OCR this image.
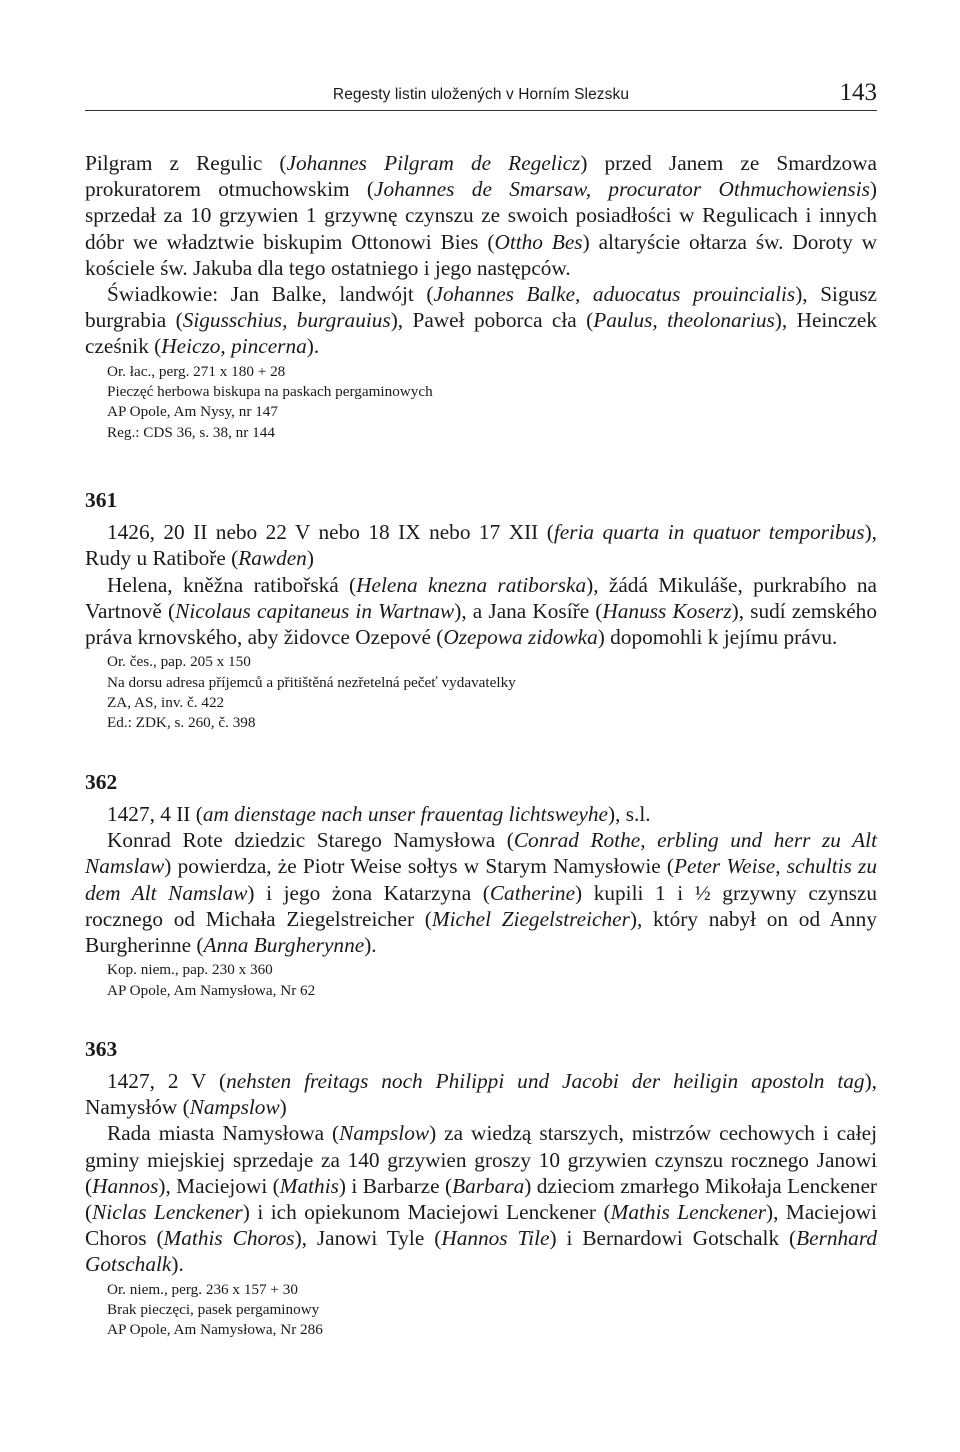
Regesty listin uložených v Horním Slezsku	143

Pilgram z Regulic (Johannes Pilgram de Regelicz) przed Janem ze Smardzowa prokuratorem otmuchowskim (Johannes de Smarsaw, procurator Othmuchowiensis) sprzedał za 10 grzywien 1 grzywnę czynszu ze swoich posiadłości w Regulicach i innych dóbr we władztwie biskupim Ottonowi Bies (Ottho Bes) altaryście ołtarza św. Doroty w kościele św. Jakuba dla tego ostatniego i jego następców.

Świadkowie: Jan Balke, landwójt (Johannes Balke, aduocatus prouincialis), Sigusz burgrabia (Sigusschius, burgrauius), Paweł poborca cła (Paulus, theolonarius), Heinczek cześnik (Heiczo, pincerna).

Or. łac., perg. 271 x 180 + 28
Pieczęć herbowa biskupa na paskach pergaminowych
AP Opole, Am Nysy, nr 147
Reg.: CDS 36, s. 38, nr 144

361

1426, 20 II nebo 22 V nebo 18 IX nebo 17 XII (feria quarta in quatuor temporibus), Rudy u Ratiboře (Rawden)

Helena, kněžna ratibořská (Helena knezna ratiborska), žádá Mikuláše, purkrabího na Vartnově (Nicolaus capitaneus in Wartnaw), a Jana Kosíře (Hanuss Koserz), sudí zemského práva krnovského, aby židovce Ozepové (Ozepowa zidowka) dopomohli k jejímu právu.

Or. čes., pap. 205 x 150
Na dorsu adresa příjemců a přitištěná nezřetelná pečeť vydavatelky
ZA, AS, inv. č. 422
Ed.: ZDK, s. 260, č. 398

362

1427, 4 II (am dienstage nach unser frauentag lichtsweyhe), s.l.

Konrad Rote dziedzic Starego Namysłowa (Conrad Rothe, erbling und herr zu Alt Namslaw) powierdza, że Piotr Weise sołtys w Starym Namysłowie (Peter Weise, schultis zu dem Alt Namslaw) i jego żona Katarzyna (Catherine) kupili 1 i ½ grzywny czynszu rocznego od Michała Ziegelstreicher (Michel Ziegelstreicher), który nabył on od Anny Burgherinne (Anna Burgherynne).

Kop. niem., pap. 230 x 360
AP Opole, Am Namysłowa, Nr 62

363

1427, 2 V (nehsten freitags noch Philippi und Jacobi der heiligin apostoln tag), Namysłów (Nampslow)

Rada miasta Namysłowa (Nampslow) za wiedzą starszych, mistrzów cechowych i całej gminy miejskiej sprzedaje za 140 grzywien groszy 10 grzywien czynszu rocznego Janowi (Hannos), Maciejowi (Mathis) i Barbarze (Barbara) dzieciom zmarłego Mikołaja Lenckener (Niclas Lenckener) i ich opiekunom Maciejowi Lenckener (Mathis Lenckener), Maciejowi Choros (Mathis Choros), Janowi Tyle (Hannos Tile) i Bernardowi Gotschalk (Bernhard Gotschalk).

Or. niem., perg. 236 x 157 + 30
Brak pieczęci, pasek pergaminowy
AP Opole, Am Namysłowa, Nr 286
